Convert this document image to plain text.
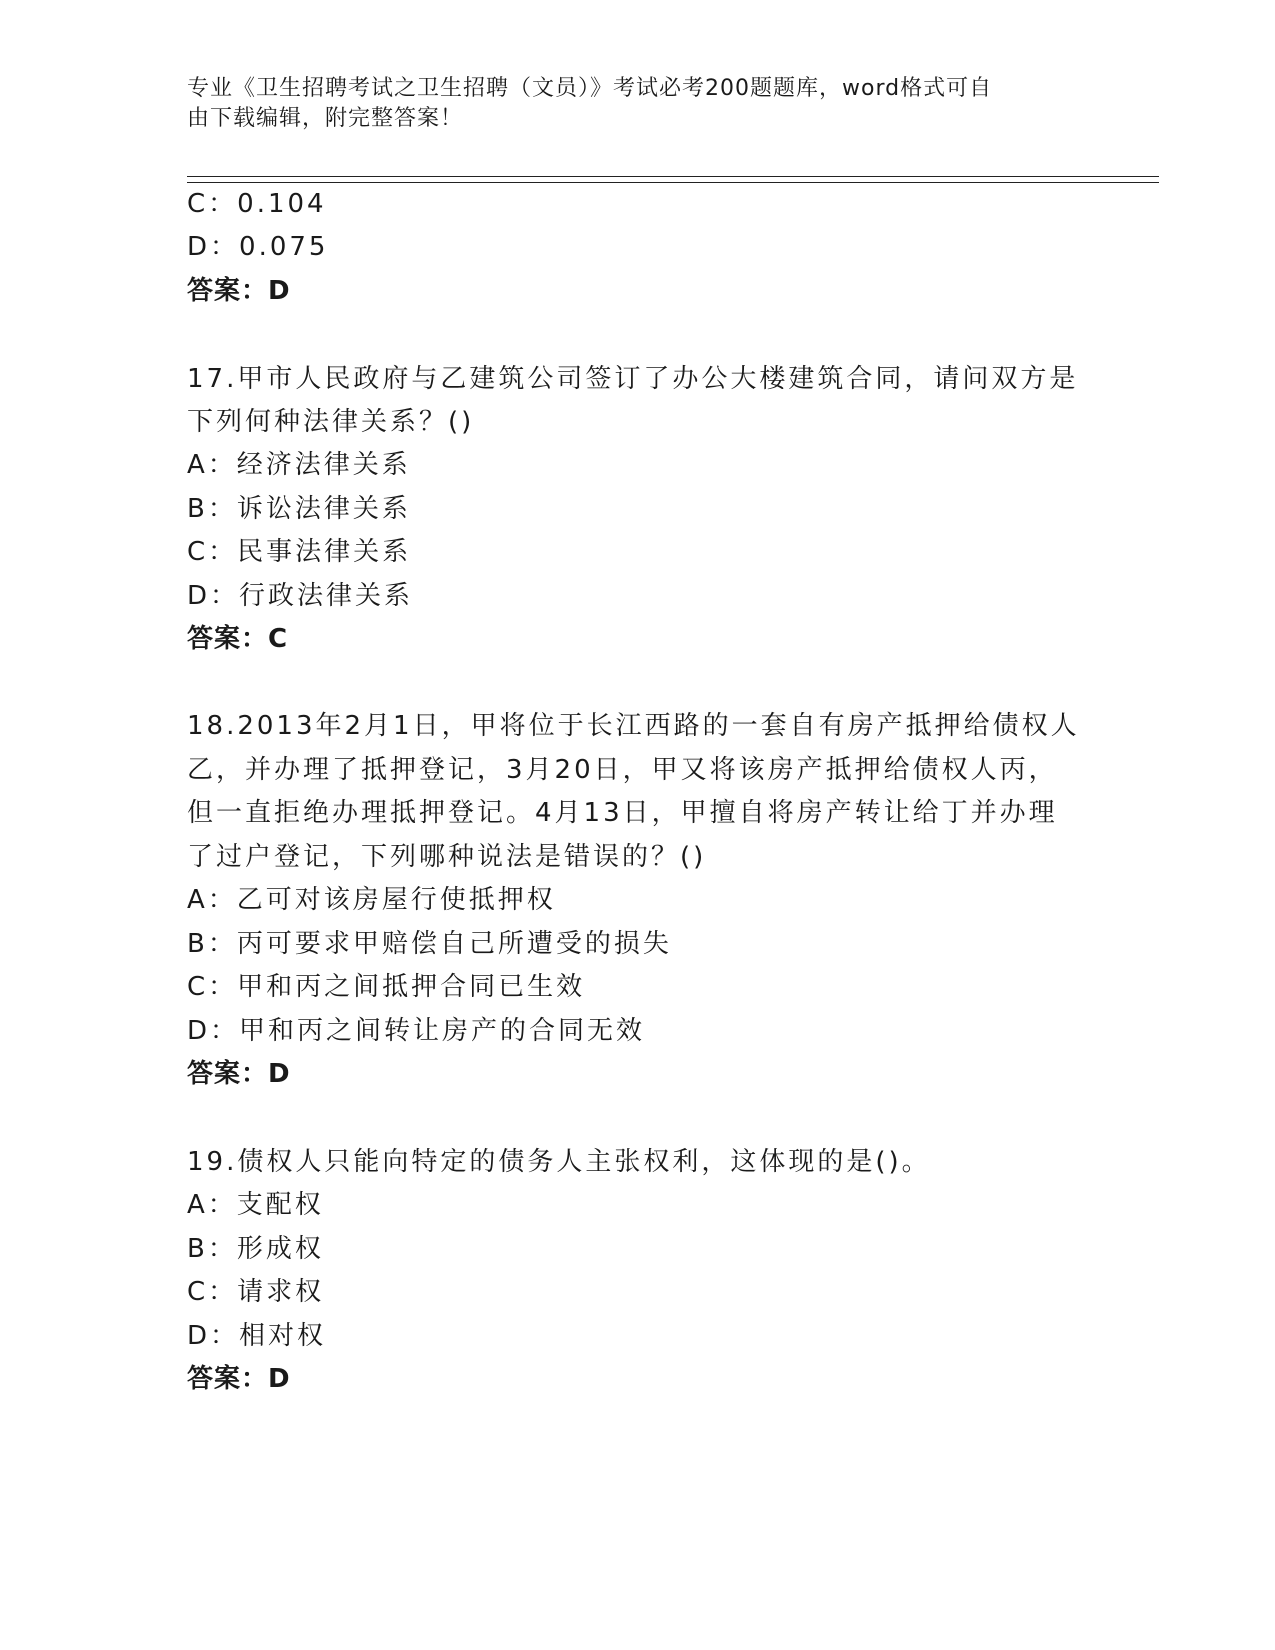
专业《卫生招聘考试之卫生招聘（文员）》考试必考200题题库，word格式可自
由下载编辑，附完整答案！
C：0.104
D：0.075
答案：D
17.甲市人民政府与乙建筑公司签订了办公大楼建筑合同，请问双方是
下列何种法律关系？()
A：经济法律关系
B：诉讼法律关系
C：民事法律关系
D：行政法律关系
答案：C
18.2013年2月1日，甲将位于长江西路的一套自有房产抵押给债权人
乙，并办理了抵押登记，3月20日，甲又将该房产抵押给债权人丙，
但一直拒绝办理抵押登记。4月13日，甲擅自将房产转让给丁并办理
了过户登记，下列哪种说法是错误的？()
A：乙可对该房屋行使抵押权
B：丙可要求甲赔偿自己所遭受的损失
C：甲和丙之间抵押合同已生效
D：甲和丙之间转让房产的合同无效
答案：D
19.债权人只能向特定的债务人主张权利，这体现的是()。
A：支配权
B：形成权
C：请求权
D：相对权
答案：D
